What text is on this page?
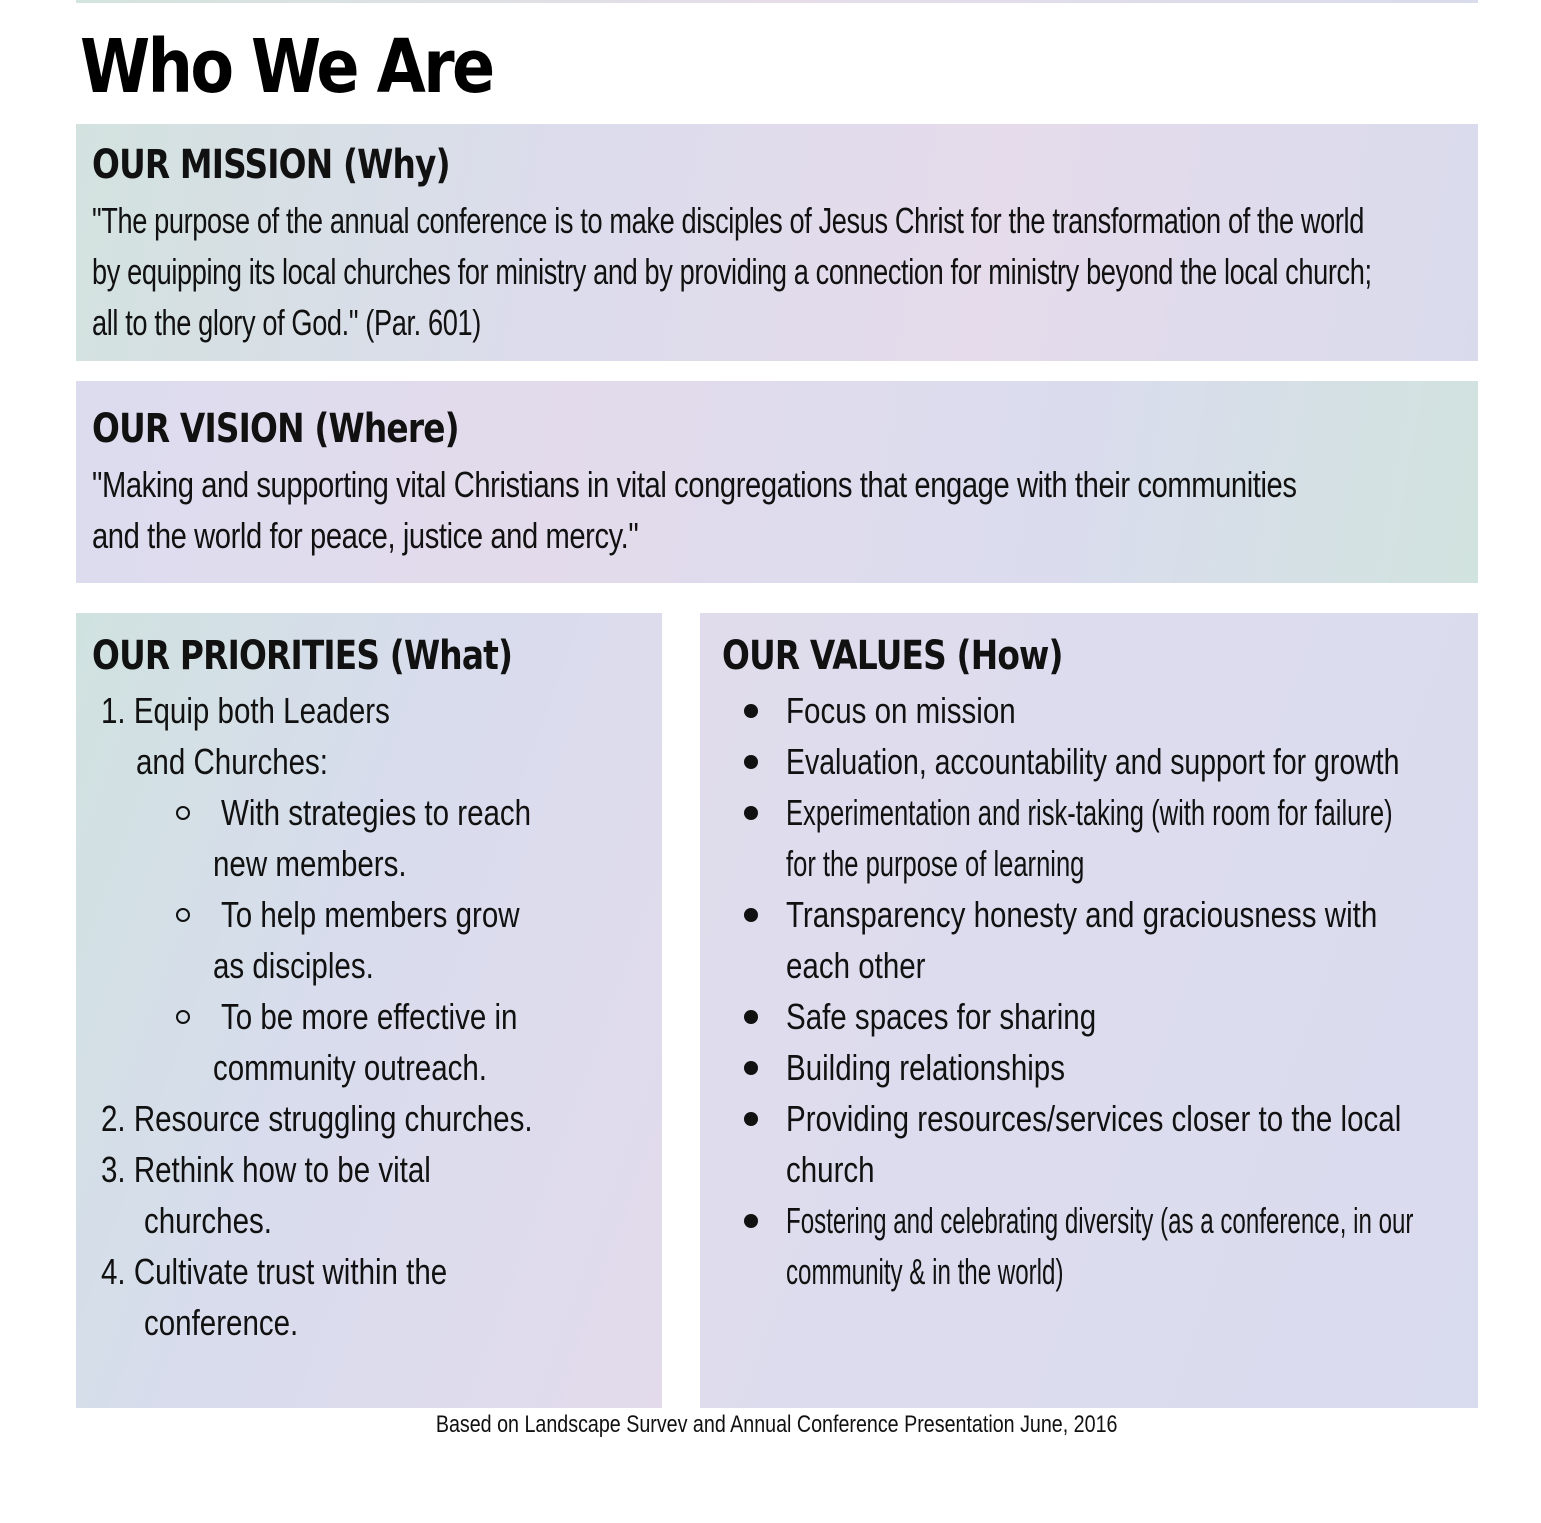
Who We Are
OUR MISSION (Why)

"The purpose of the annual conference is to make disciples of Jesus Christ for the transformation of the world
by equipping its local churches for ministry and by providing a connection for ministry beyond the local church;
all to the glory of God." (Par. 601)

OUR VISION (Where)

"Making and supporting vital Christians in vital congregations that engage with their communities
and the world for peace, justice and mercy."

OUR PRIORITIES (What)
1. Equip both Leaders
and Churches:
With strategies to reach
new members.
To help members grow
as disciples.
To be more effective in
community outreach.
2. Resource struggling churches.
3. Rethink how to be vital
churches.
4. Cultivate trust within the
conference.
OUR VALUES (How)
Focus on mission
Evaluation, accountability and support for growth
Experimentation and risk-taking (with room for failure)
for the purpose of learning
Transparency honesty and graciousness with
each other
Safe spaces for sharing
Building relationships
Providing resources/services closer to the local
church
Fostering and celebrating diversity (as a conference, in our
community & in the world)
Based on Landscape Survev and Annual Conference Presentation June, 2016
